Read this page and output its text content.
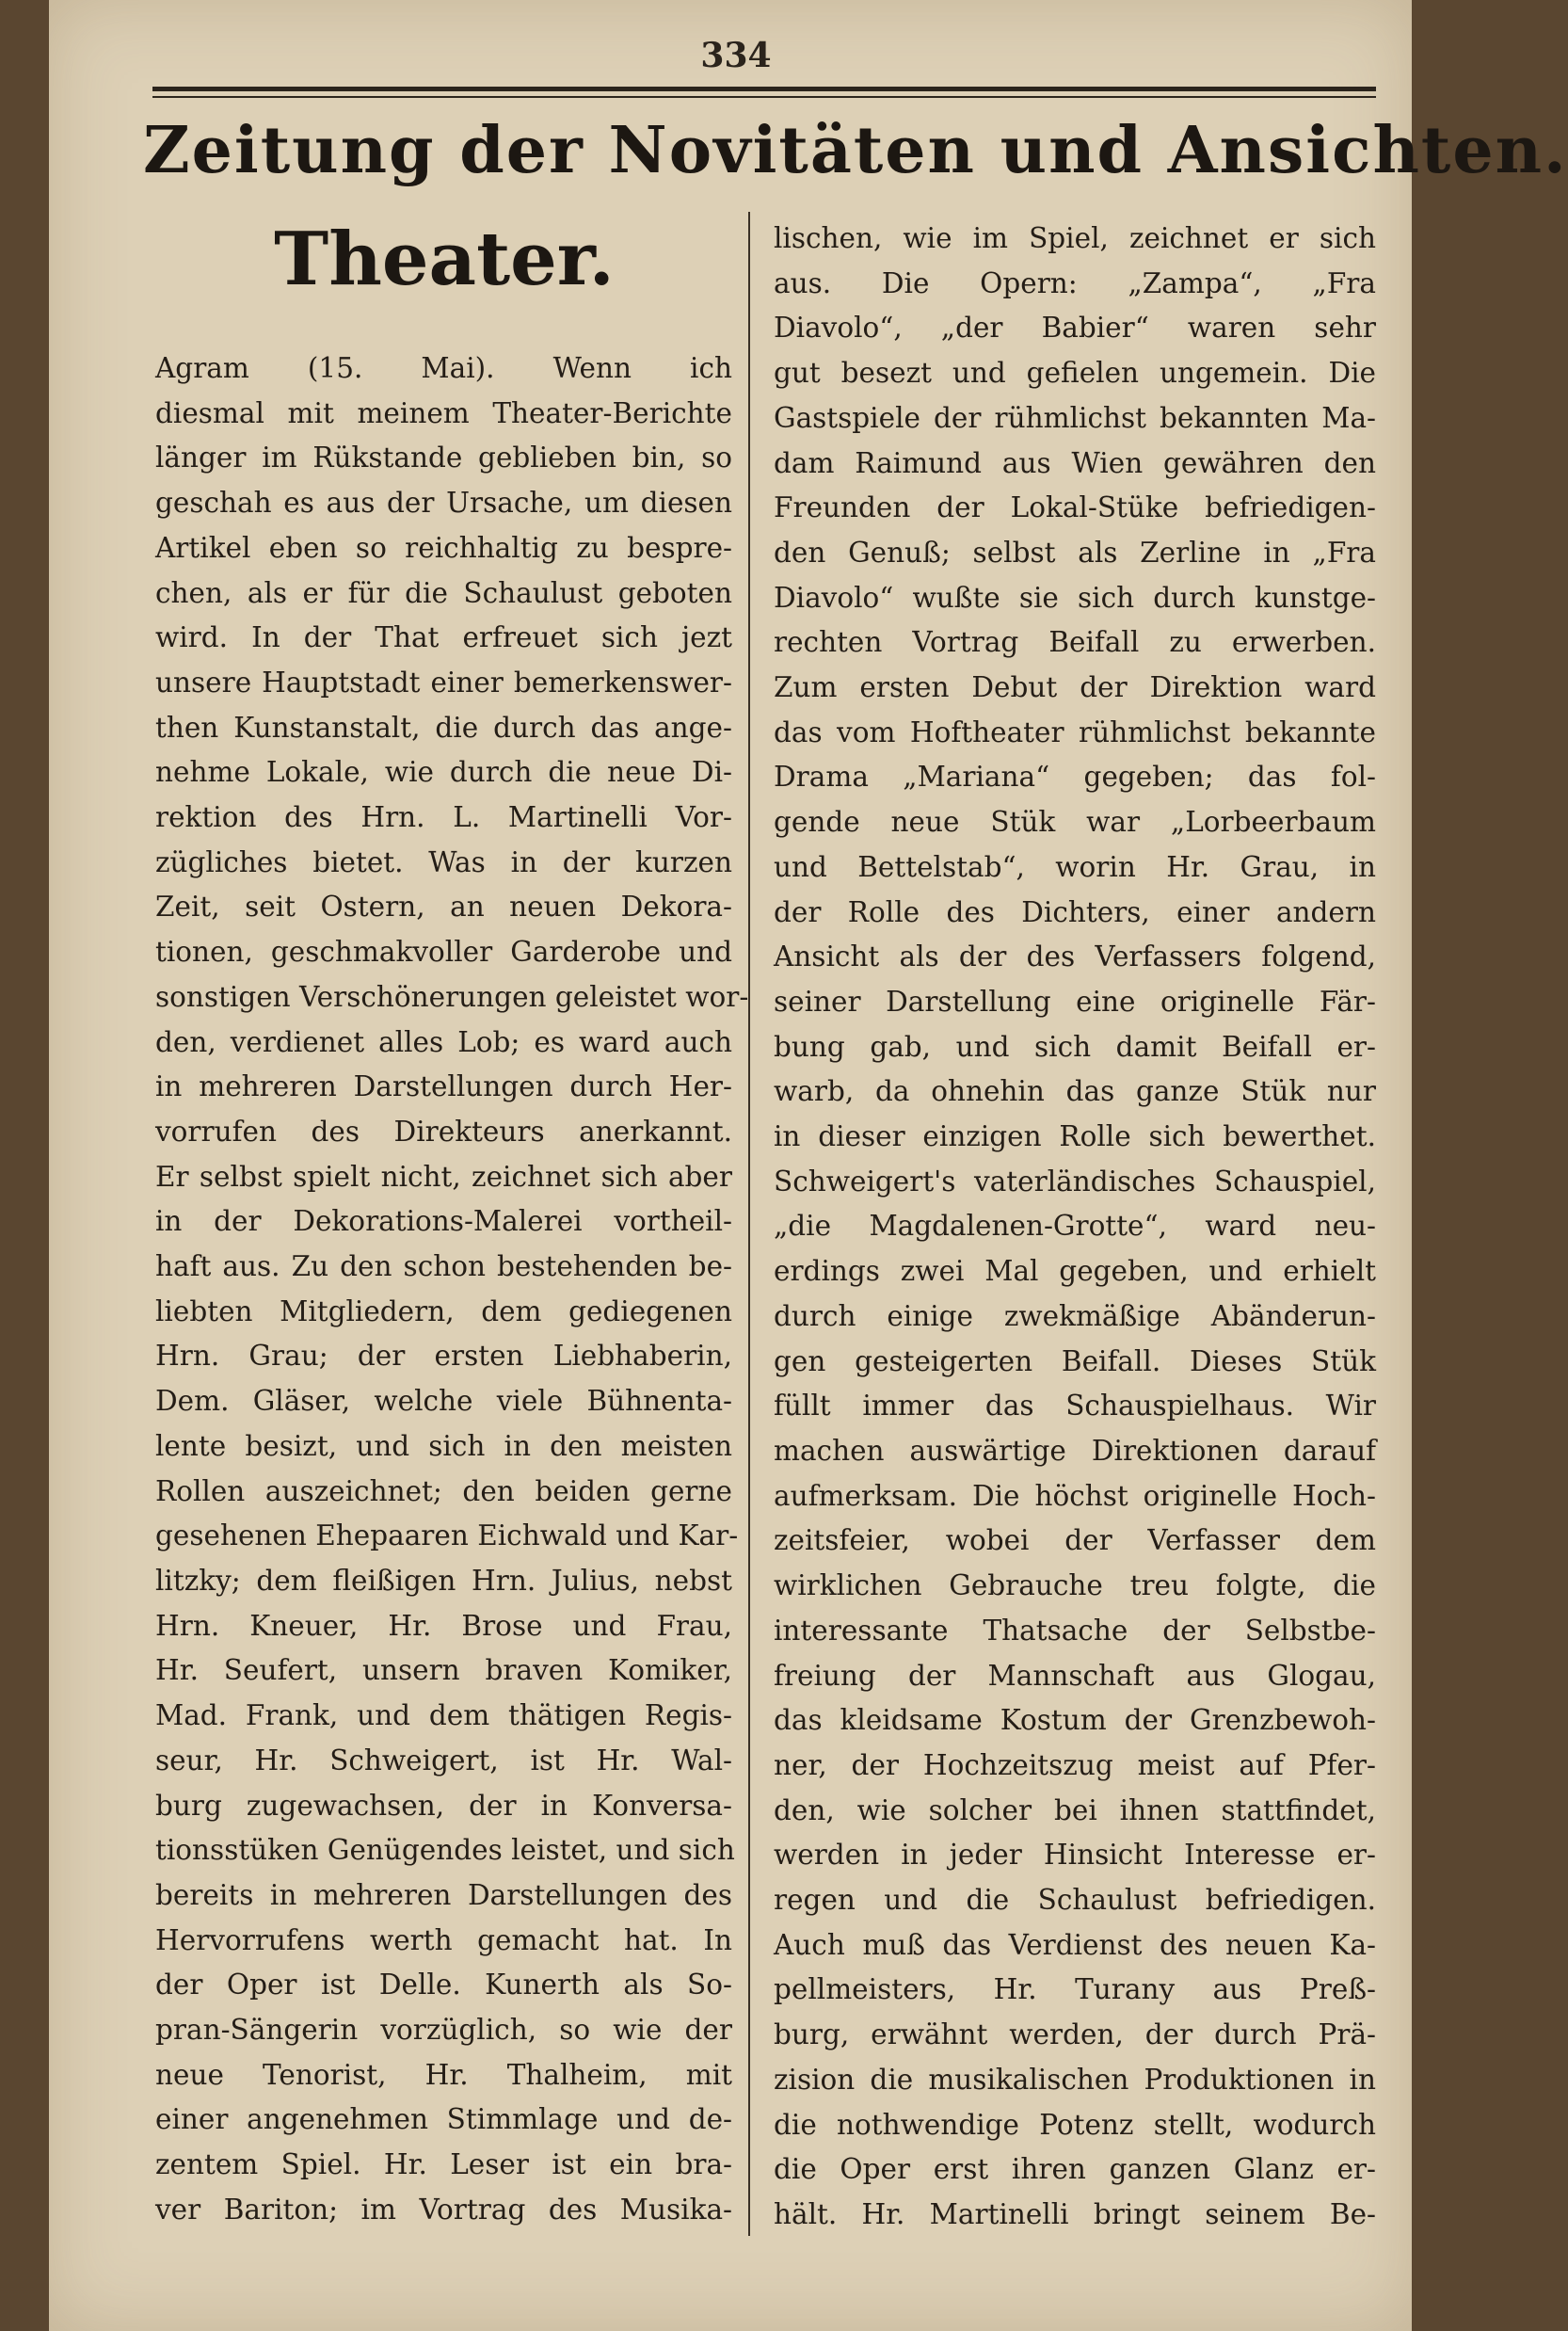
334
Zeitung der Novitäten und Ansichten.
Theater.
Agram (15. Mai). Wenn ich
diesmal mit meinem Theater-Berichte
länger im Rükstande geblieben bin, so
geschah es aus der Ursache, um diesen
Artikel eben so reichhaltig zu bespre-
chen, als er für die Schaulust geboten
wird. In der That erfreuet sich jezt
unsere Hauptstadt einer bemerkenswer-
then Kunstanstalt, die durch das ange-
nehme Lokale, wie durch die neue Di-
rektion des Hrn. L. Martinelli Vor-
zügliches bietet. Was in der kurzen
Zeit, seit Ostern, an neuen Dekora-
tionen, geschmakvoller Garderobe und
sonstigen Verschönerungen geleistet wor-
den, verdienet alles Lob; es ward auch
in mehreren Darstellungen durch Her-
vorrufen des Direkteurs anerkannt.
Er selbst spielt nicht, zeichnet sich aber
in der Dekorations-Malerei vortheil-
haft aus. Zu den schon bestehenden be-
liebten Mitgliedern, dem gediegenen
Hrn. Grau; der ersten Liebhaberin,
Dem. Gläser, welche viele Bühnenta-
lente besizt, und sich in den meisten
Rollen auszeichnet; den beiden gerne
gesehenen Ehepaaren Eichwald und Kar-
litzky; dem fleißigen Hrn. Julius, nebst
Hrn. Kneuer, Hr. Brose und Frau,
Hr. Seufert, unsern braven Komiker,
Mad. Frank, und dem thätigen Regis-
seur, Hr. Schweigert, ist Hr. Wal-
burg zugewachsen, der in Konversa-
tionsstüken Genügendes leistet, und sich
bereits in mehreren Darstellungen des
Hervorrufens werth gemacht hat. In
der Oper ist Delle. Kunerth als So-
pran-Sängerin vorzüglich, so wie der
neue Tenorist, Hr. Thalheim, mit
einer angenehmen Stimmlage und de-
zentem Spiel. Hr. Leser ist ein bra-
ver Bariton; im Vortrag des Musika-
lischen, wie im Spiel, zeichnet er sich
aus. Die Opern: „Zampa“, „Fra
Diavolo“, „der Babier“ waren sehr
gut besezt und gefielen ungemein. Die
Gastspiele der rühmlichst bekannten Ma-
dam Raimund aus Wien gewähren den
Freunden der Lokal-Stüke befriedigen-
den Genuß; selbst als Zerline in „Fra
Diavolo“ wußte sie sich durch kunstge-
rechten Vortrag Beifall zu erwerben.
Zum ersten Debut der Direktion ward
das vom Hoftheater rühmlichst bekannte
Drama „Mariana“ gegeben; das fol-
gende neue Stük war „Lorbeerbaum
und Bettelstab“, worin Hr. Grau, in
der Rolle des Dichters, einer andern
Ansicht als der des Verfassers folgend,
seiner Darstellung eine originelle Fär-
bung gab, und sich damit Beifall er-
warb, da ohnehin das ganze Stük nur
in dieser einzigen Rolle sich bewerthet.
Schweigert's vaterländisches Schauspiel,
„die Magdalenen-Grotte“, ward neu-
erdings zwei Mal gegeben, und erhielt
durch einige zwekmäßige Abänderun-
gen gesteigerten Beifall. Dieses Stük
füllt immer das Schauspielhaus. Wir
machen auswärtige Direktionen darauf
aufmerksam. Die höchst originelle Hoch-
zeitsfeier, wobei der Verfasser dem
wirklichen Gebrauche treu folgte, die
interessante Thatsache der Selbstbe-
freiung der Mannschaft aus Glogau,
das kleidsame Kostum der Grenzbewoh-
ner, der Hochzeitszug meist auf Pfer-
den, wie solcher bei ihnen stattfindet,
werden in jeder Hinsicht Interesse er-
regen und die Schaulust befriedigen.
Auch muß das Verdienst des neuen Ka-
pellmeisters, Hr. Turany aus Preß-
burg, erwähnt werden, der durch Prä-
zision die musikalischen Produktionen in
die nothwendige Potenz stellt, wodurch
die Oper erst ihren ganzen Glanz er-
hält. Hr. Martinelli bringt seinem Be-
